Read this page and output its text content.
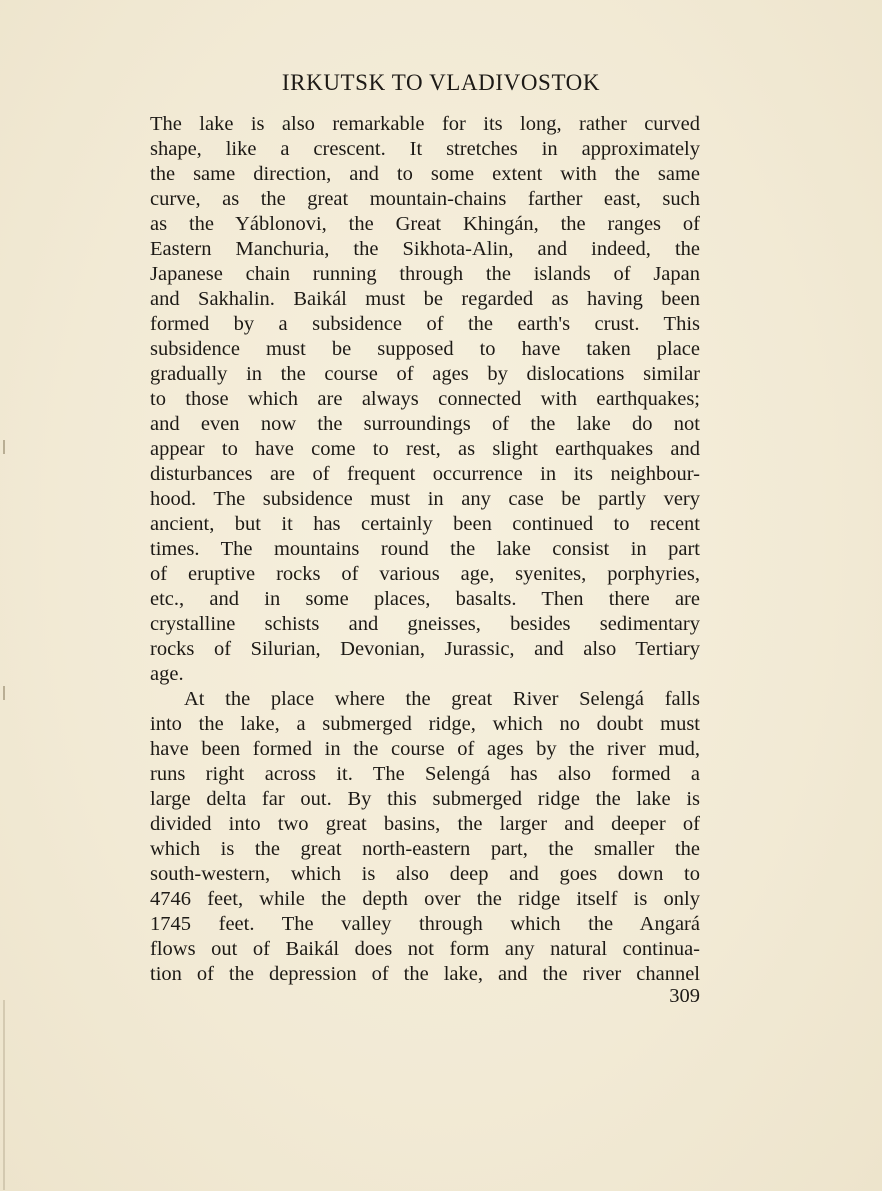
IRKUTSK TO VLADIVOSTOK

The lake is also remarkable for its long, rather curved
shape, like a crescent. It stretches in approximately
the same direction, and to some extent with the same
curve, as the great mountain-chains farther east, such
as the Yáblonovi, the Great Khingán, the ranges of
Eastern Manchuria, the Sikhota-Alin, and indeed, the
Japanese chain running through the islands of Japan
and Sakhalin. Baikál must be regarded as having been
formed by a subsidence of the earth's crust. This
subsidence must be supposed to have taken place
gradually in the course of ages by dislocations similar
to those which are always connected with earthquakes;
and even now the surroundings of the lake do not
appear to have come to rest, as slight earthquakes and
disturbances are of frequent occurrence in its neighbour-
hood. The subsidence must in any case be partly very
ancient, but it has certainly been continued to recent
times. The mountains round the lake consist in part
of eruptive rocks of various age, syenites, porphyries,
etc., and in some places, basalts. Then there are
crystalline schists and gneisses, besides sedimentary
rocks of Silurian, Devonian, Jurassic, and also Tertiary
age.

At the place where the great River Selengá falls
into the lake, a submerged ridge, which no doubt must
have been formed in the course of ages by the river mud,
runs right across it. The Selengá has also formed a
large delta far out. By this submerged ridge the lake is
divided into two great basins, the larger and deeper of
which is the great north-eastern part, the smaller the
south-western, which is also deep and goes down to
4746 feet, while the depth over the ridge itself is only
1745 feet. The valley through which the Angará
flows out of Baikál does not form any natural continua-
tion of the depression of the lake, and the river channel

309
